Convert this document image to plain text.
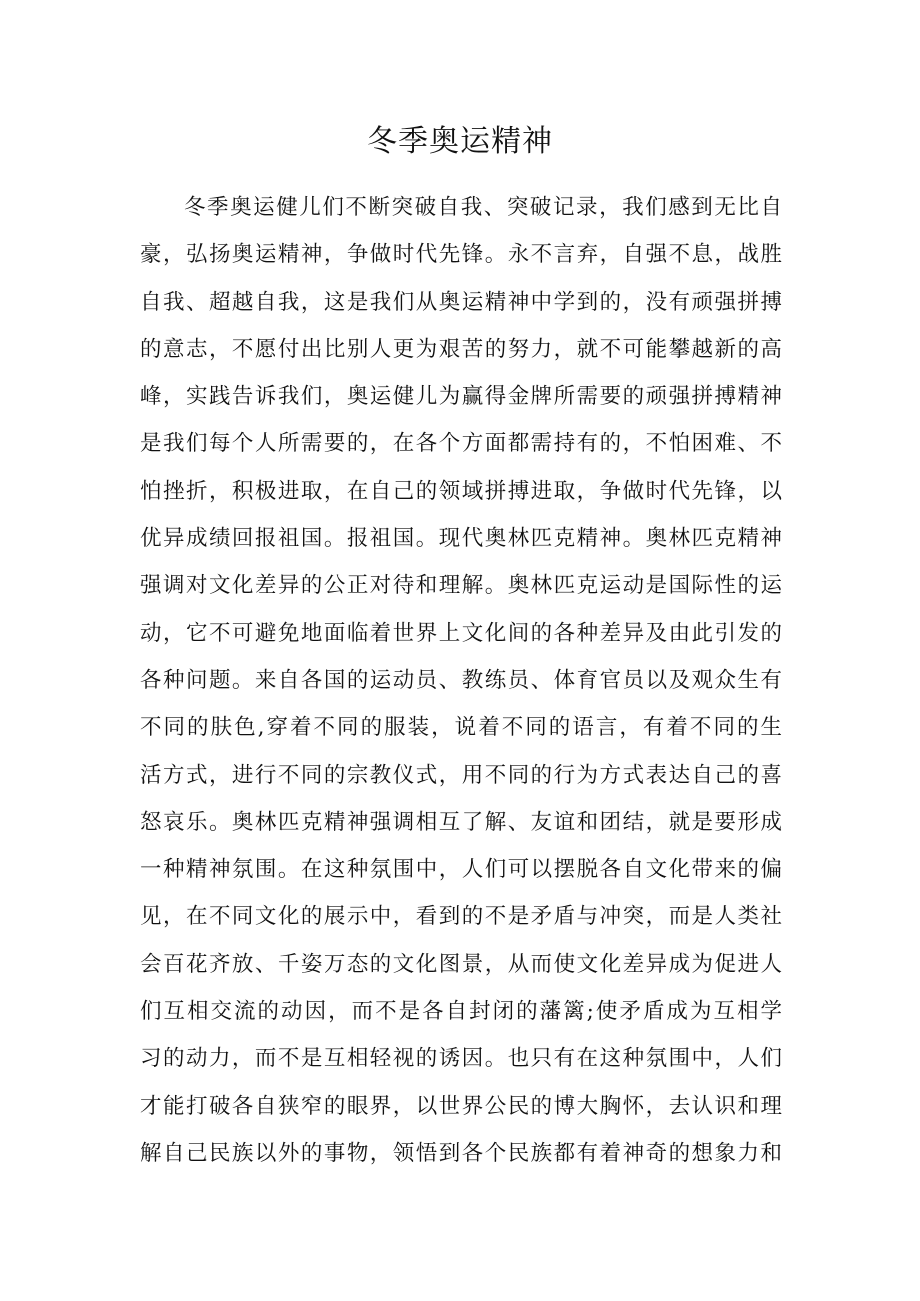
冬季奥运精神
冬季奥运健儿们不断突破自我、突破记录，我们感到无比自
豪，弘扬奥运精神，争做时代先锋。永不言弃，自强不息，战胜
自我、超越自我，这是我们从奥运精神中学到的，没有顽强拼搏
的意志，不愿付出比别人更为艰苦的努力，就不可能攀越新的高
峰，实践告诉我们，奥运健儿为赢得金牌所需要的顽强拼搏精神
是我们每个人所需要的，在各个方面都需持有的，不怕困难、不
怕挫折，积极进取，在自己的领域拼搏进取，争做时代先锋，以
优异成绩回报祖国。报祖国。现代奥林匹克精神。奥林匹克精神
强调对文化差异的公正对待和理解。奥林匹克运动是国际性的运
动，它不可避免地面临着世界上文化间的各种差异及由此引发的
各种问题。来自各国的运动员、教练员、体育官员以及观众生有
不同的肤色,穿着不同的服装，说着不同的语言，有着不同的生
活方式，进行不同的宗教仪式，用不同的行为方式表达自己的喜
怒哀乐。奥林匹克精神强调相互了解、友谊和团结，就是要形成
一种精神氛围。在这种氛围中，人们可以摆脱各自文化带来的偏
见，在不同文化的展示中，看到的不是矛盾与冲突，而是人类社
会百花齐放、千姿万态的文化图景，从而使文化差异成为促进人
们互相交流的动因，而不是各自封闭的藩篱;使矛盾成为互相学
习的动力，而不是互相轻视的诱因。也只有在这种氛围中，人们
才能打破各自狭窄的眼界，以世界公民的博大胸怀，去认识和理
解自己民族以外的事物，领悟到各个民族都有着神奇的想象力和
